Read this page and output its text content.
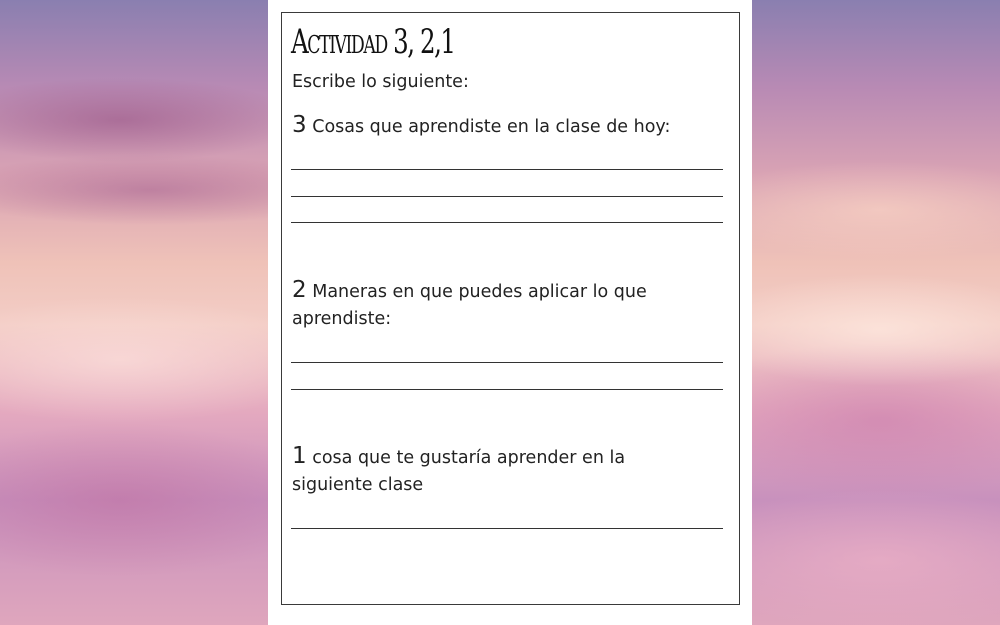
Actividad 3, 2,1
Escribe lo siguiente:
3 Cosas que aprendiste en la clase de hoy:
2 Maneras en que puedes aplicar lo que
aprendiste:
1 cosa que te gustaría aprender en la
siguiente clase
